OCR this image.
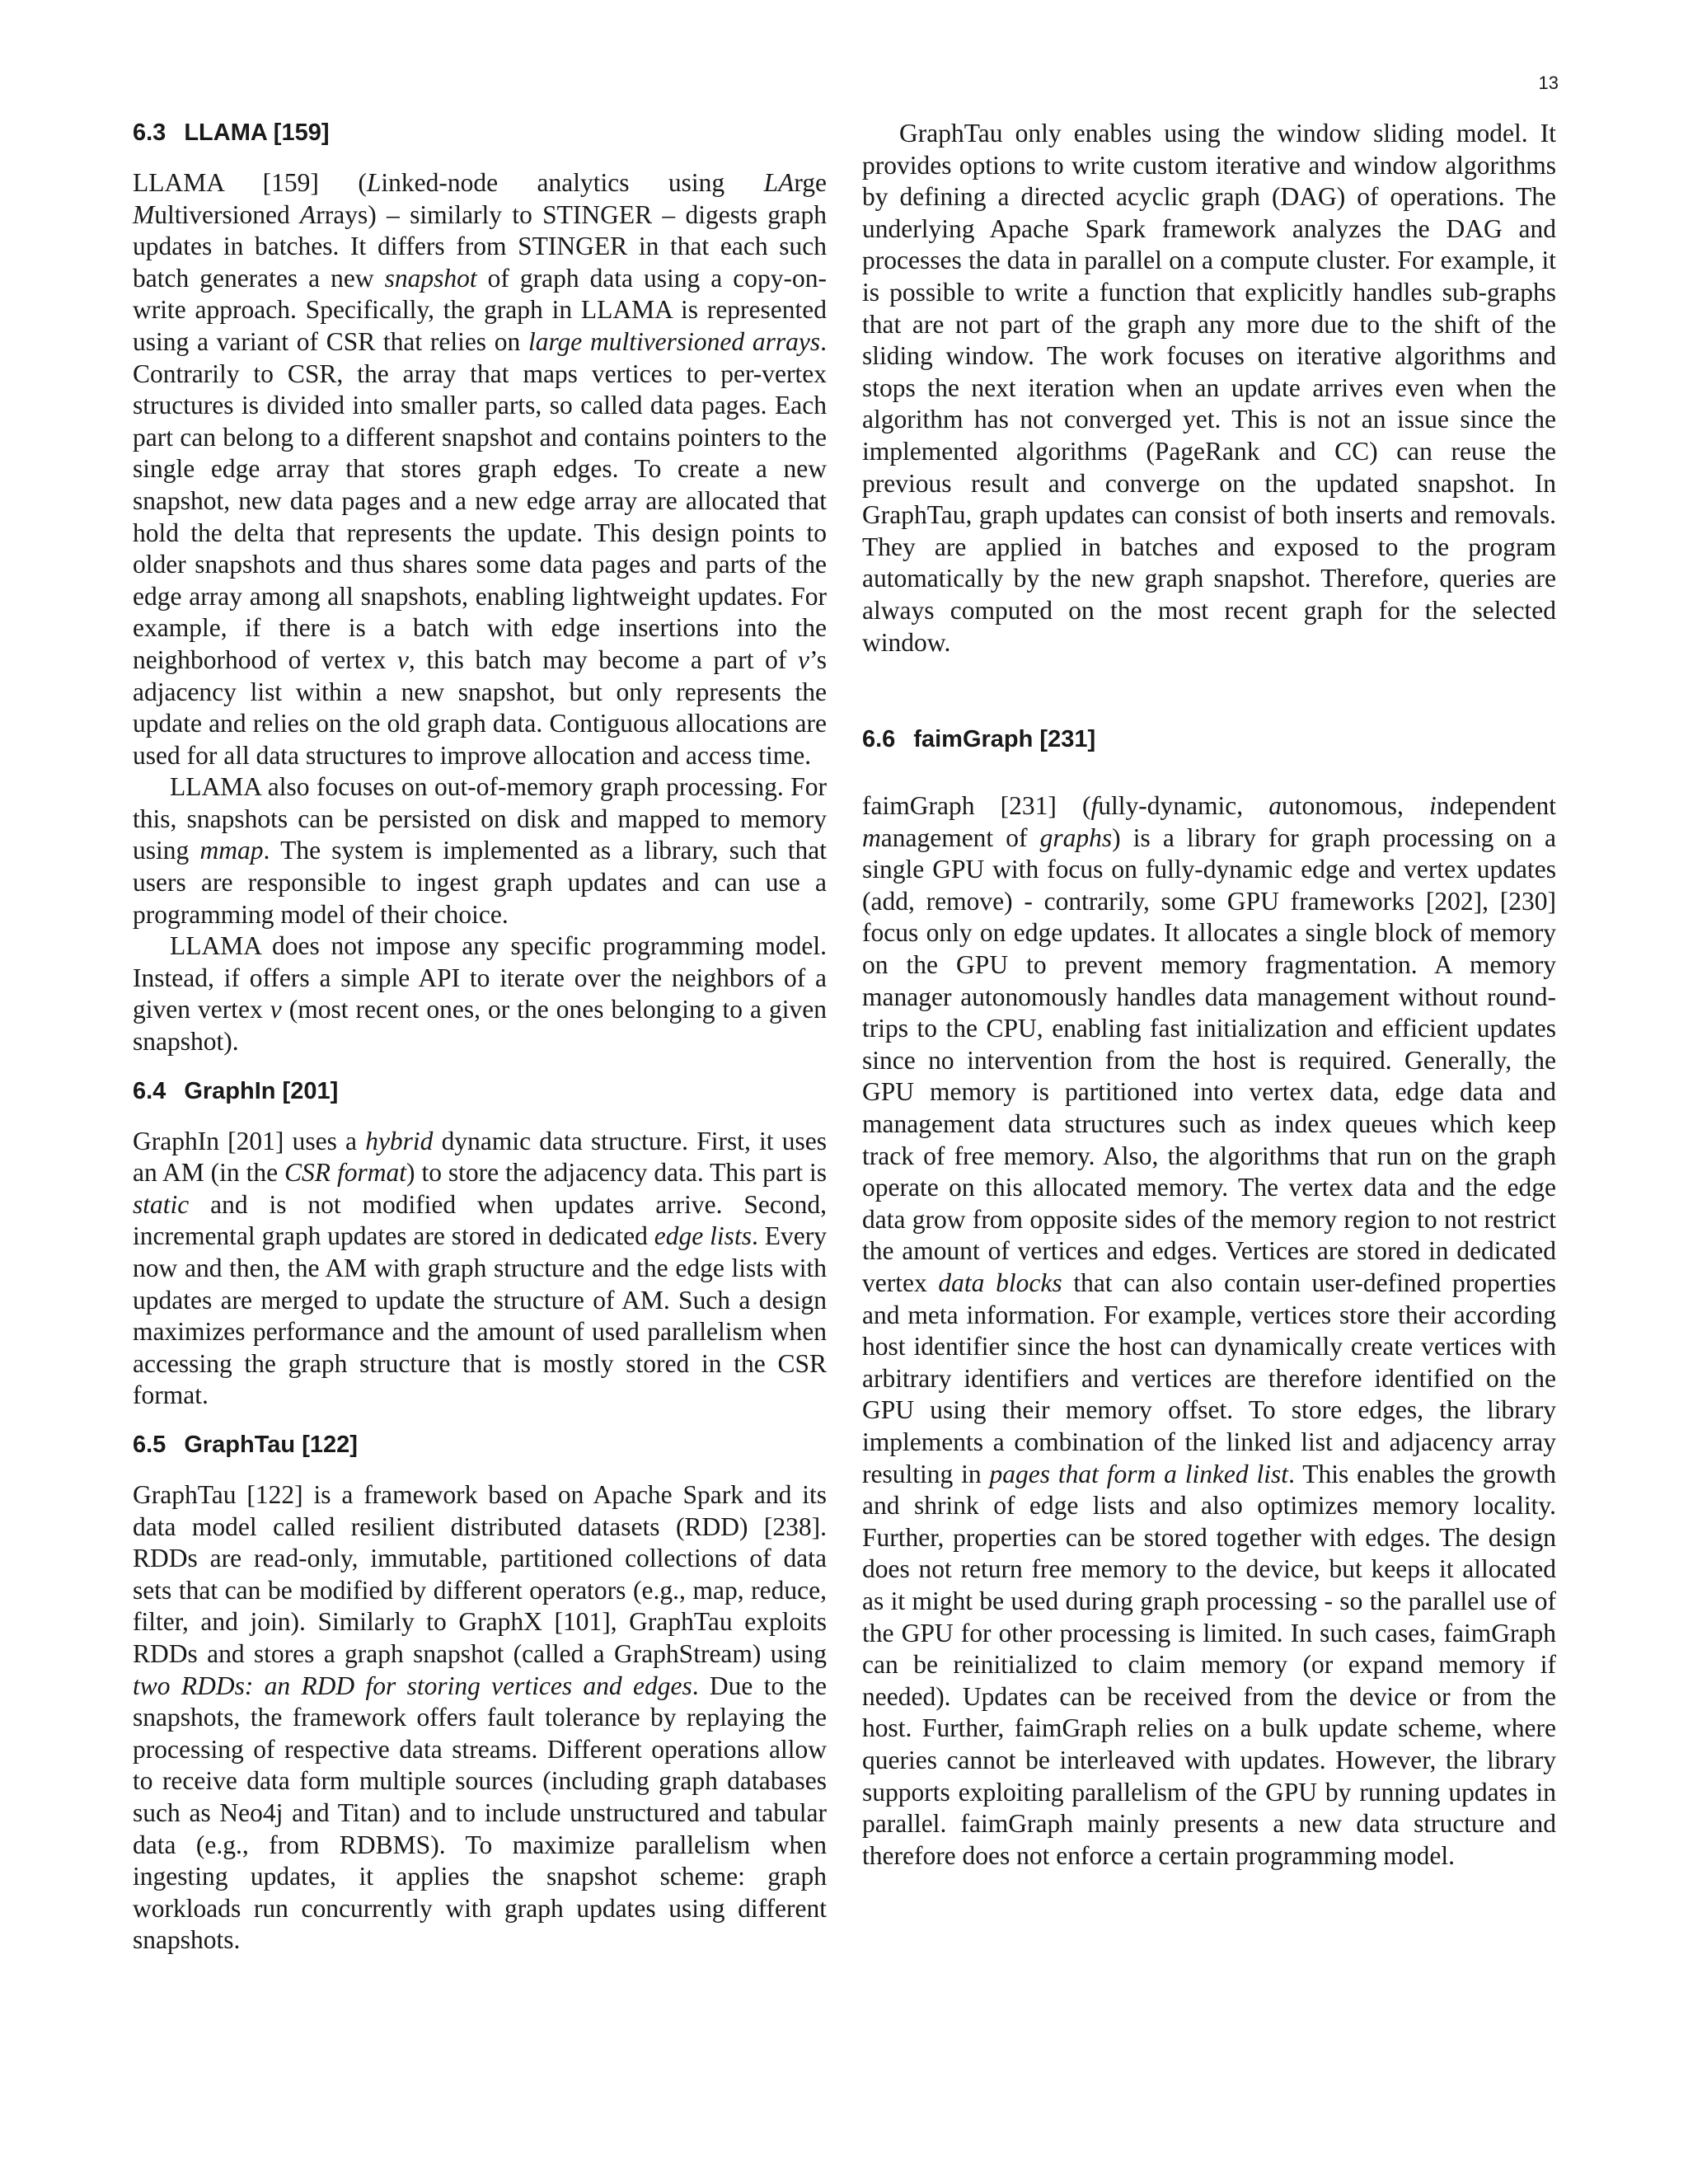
13
6.3 LLAMA [159]

LLAMA [159] (Linked-node analytics using LArge Multiversioned Arrays) – similarly to STINGER – digests graph updates in batches. It differs from STINGER in that each such batch generates a new snapshot of graph data using a copy-on-write approach. Specifically, the graph in LLAMA is represented using a variant of CSR that relies on large multiversioned arrays. Contrarily to CSR, the array that maps vertices to per-vertex structures is divided into smaller parts, so called data pages. Each part can belong to a different snapshot and contains pointers to the single edge array that stores graph edges. To create a new snapshot, new data pages and a new edge array are allocated that hold the delta that represents the update. This design points to older snapshots and thus shares some data pages and parts of the edge array among all snapshots, enabling lightweight updates. For example, if there is a batch with edge insertions into the neighborhood of vertex v, this batch may become a part of v’s adjacency list within a new snapshot, but only represents the update and relies on the old graph data. Contiguous allocations are used for all data structures to improve allocation and access time.

LLAMA also focuses on out-of-memory graph processing. For this, snapshots can be persisted on disk and mapped to memory using mmap. The system is implemented as a library, such that users are responsible to ingest graph updates and can use a programming model of their choice.

LLAMA does not impose any specific programming model. Instead, if offers a simple API to iterate over the neighbors of a given vertex v (most recent ones, or the ones belonging to a given snapshot).

6.4 GraphIn [201]

GraphIn [201] uses a hybrid dynamic data structure. First, it uses an AM (in the CSR format) to store the adjacency data. This part is static and is not modified when updates arrive. Second, incremental graph updates are stored in dedicated edge lists. Every now and then, the AM with graph structure and the edge lists with updates are merged to update the structure of AM. Such a design maximizes performance and the amount of used parallelism when accessing the graph structure that is mostly stored in the CSR format.

6.5 GraphTau [122]

GraphTau [122] is a framework based on Apache Spark and its data model called resilient distributed datasets (RDD) [238]. RDDs are read-only, immutable, partitioned collections of data sets that can be modified by different operators (e.g., map, reduce, filter, and join). Similarly to GraphX [101], GraphTau exploits RDDs and stores a graph snapshot (called a GraphStream) using two RDDs: an RDD for storing vertices and edges. Due to the snapshots, the framework offers fault tolerance by replaying the processing of respective data streams. Different operations allow to receive data form multiple sources (including graph databases such as Neo4j and Titan) and to include unstructured and tabular data (e.g., from RDBMS). To maximize parallelism when ingesting updates, it applies the snapshot scheme: graph workloads run concurrently with graph updates using different snapshots.

GraphTau only enables using the window sliding model. It provides options to write custom iterative and window algorithms by defining a directed acyclic graph (DAG) of operations. The underlying Apache Spark framework analyzes the DAG and processes the data in parallel on a compute cluster. For example, it is possible to write a function that explicitly handles sub-graphs that are not part of the graph any more due to the shift of the sliding window. The work focuses on iterative algorithms and stops the next iteration when an update arrives even when the algorithm has not converged yet. This is not an issue since the implemented algorithms (PageRank and CC) can reuse the previous result and converge on the updated snapshot. In GraphTau, graph updates can consist of both inserts and removals. They are applied in batches and exposed to the program automatically by the new graph snapshot. Therefore, queries are always computed on the most recent graph for the selected window.

6.6 faimGraph [231]

faimGraph [231] (fully-dynamic, autonomous, independent management of graphs) is a library for graph processing on a single GPU with focus on fully-dynamic edge and vertex updates (add, remove) - contrarily, some GPU frameworks [202], [230] focus only on edge updates. It allocates a single block of memory on the GPU to prevent memory fragmentation. A memory manager autonomously handles data management without round-trips to the CPU, enabling fast initialization and efficient updates since no intervention from the host is required. Generally, the GPU memory is partitioned into vertex data, edge data and management data structures such as index queues which keep track of free memory. Also, the algorithms that run on the graph operate on this allocated memory. The vertex data and the edge data grow from opposite sides of the memory region to not restrict the amount of vertices and edges. Vertices are stored in dedicated vertex data blocks that can also contain user-defined properties and meta information. For example, vertices store their according host identifier since the host can dynamically create vertices with arbitrary identifiers and vertices are therefore identified on the GPU using their memory offset. To store edges, the library implements a combination of the linked list and adjacency array resulting in pages that form a linked list. This enables the growth and shrink of edge lists and also optimizes memory locality. Further, properties can be stored together with edges. The design does not return free memory to the device, but keeps it allocated as it might be used during graph processing - so the parallel use of the GPU for other processing is limited. In such cases, faimGraph can be reinitialized to claim memory (or expand memory if needed). Updates can be received from the device or from the host. Further, faimGraph relies on a bulk update scheme, where queries cannot be interleaved with updates. However, the library supports exploiting parallelism of the GPU by running updates in parallel. faimGraph mainly presents a new data structure and therefore does not enforce a certain programming model.
